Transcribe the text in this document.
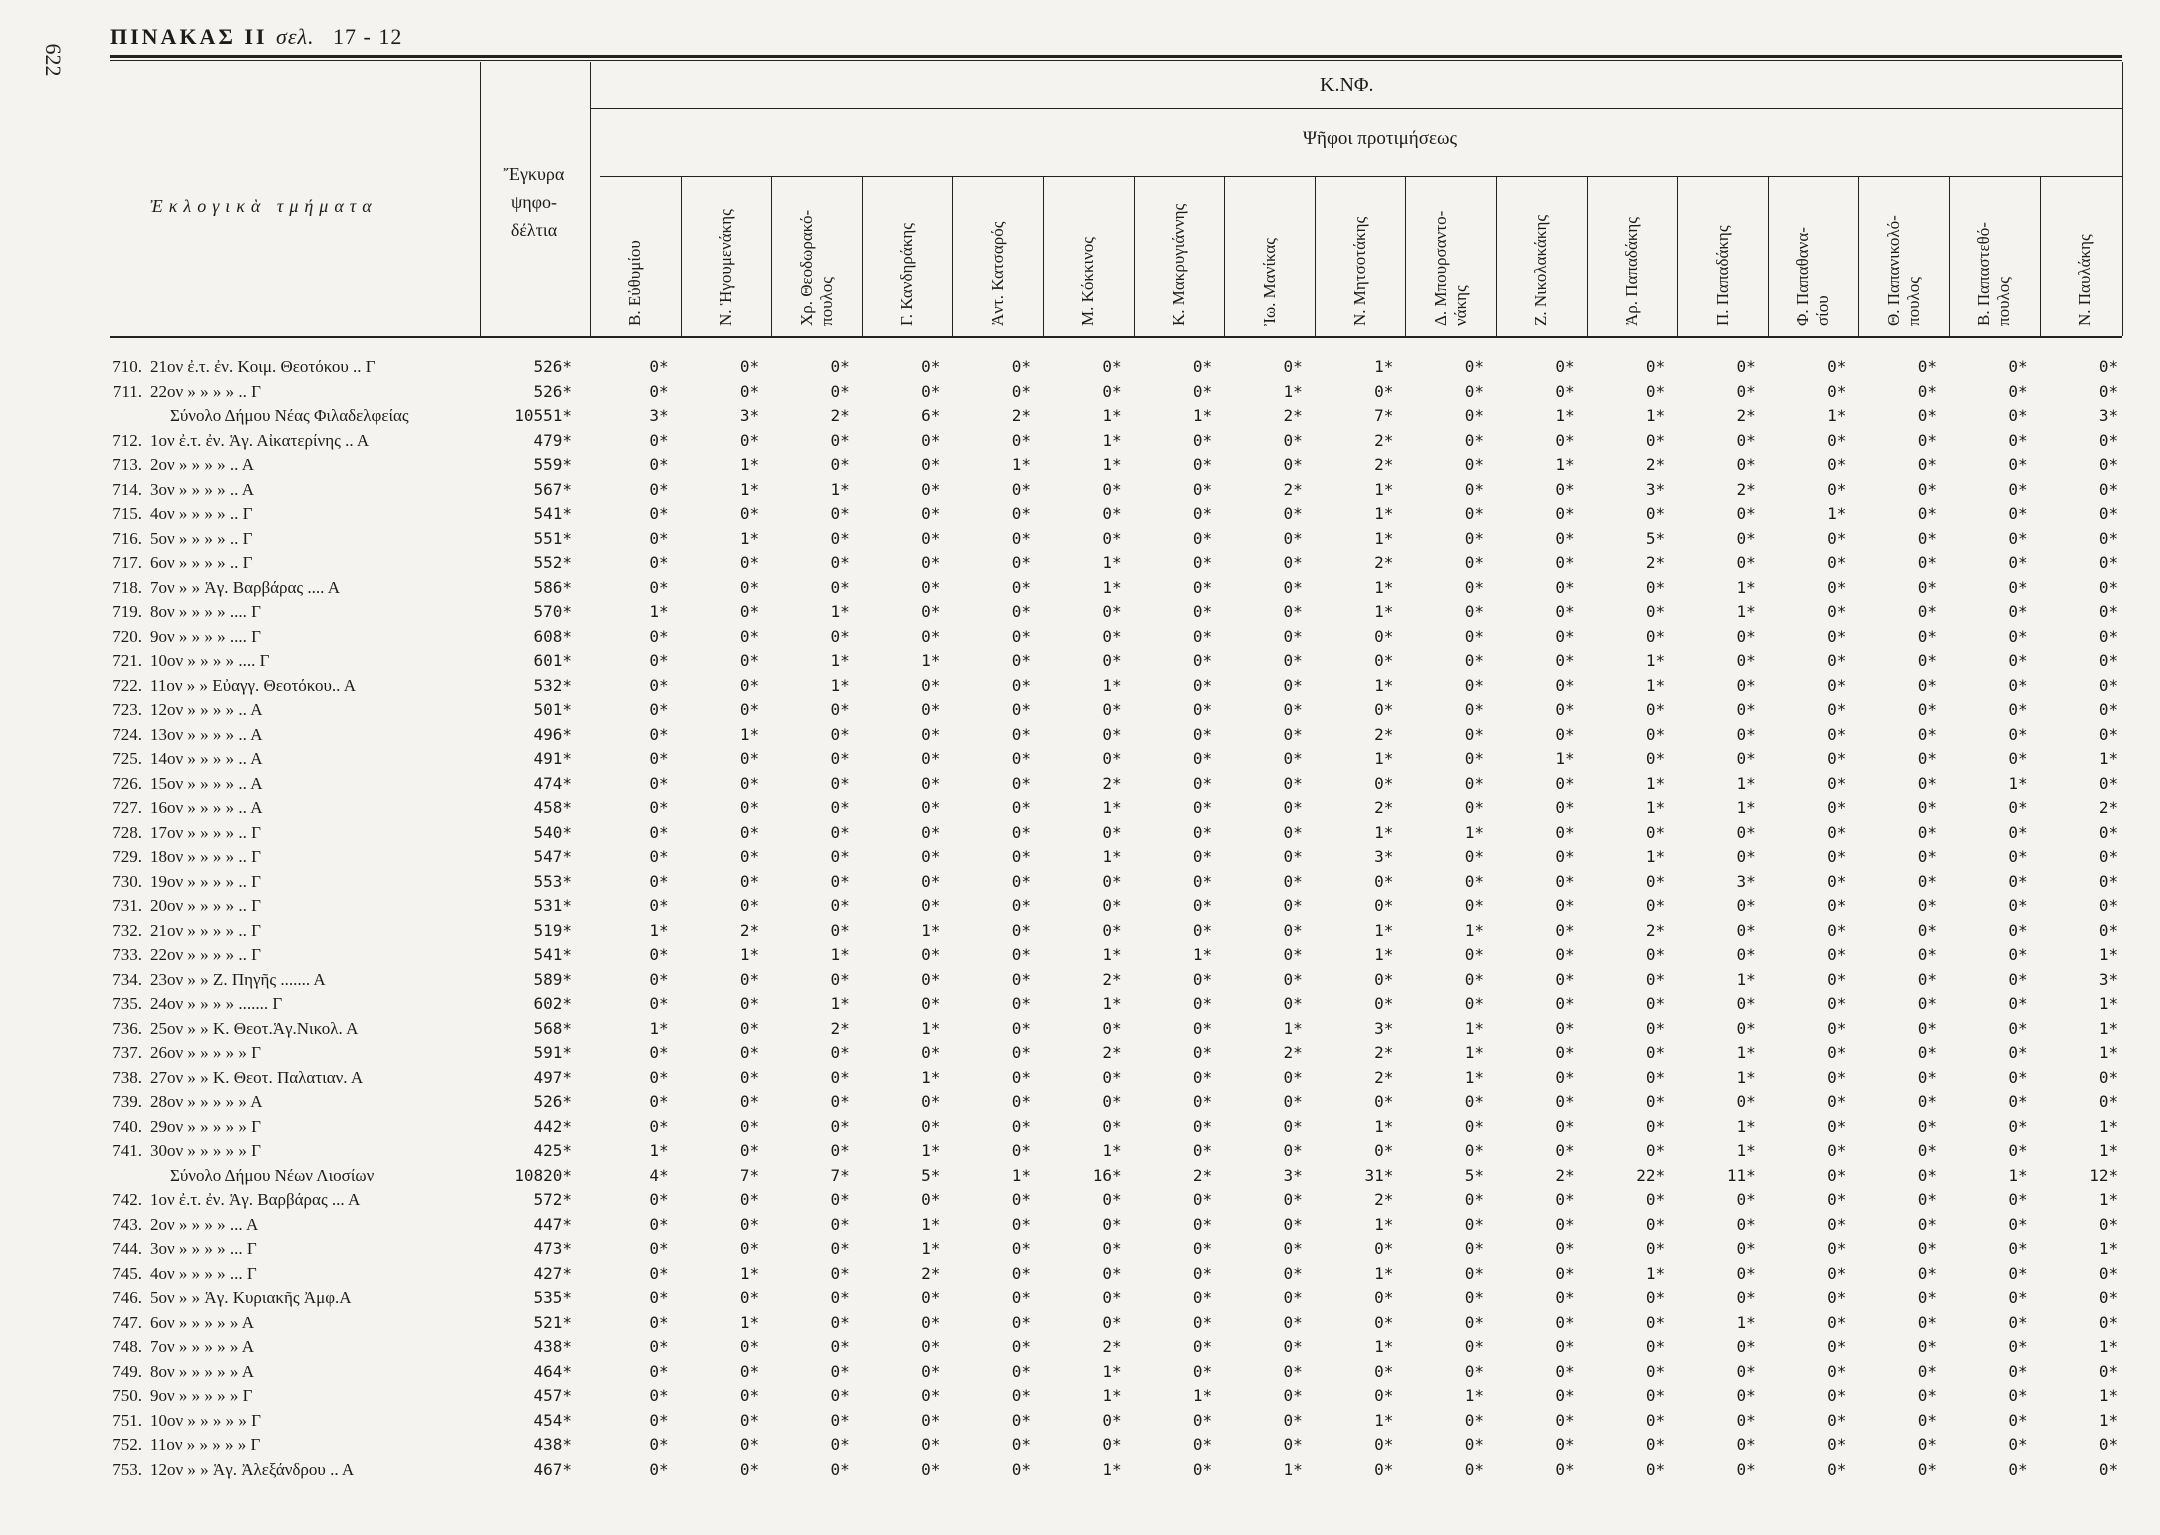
622
ΠΙΝΑΚΑΣ ΙΙ σελ. 17 - 12
Ἐκλογικὰ τμήματα
Ἔγκυρα
ψηφο-
δέλτια
Κ.ΝΦ.
Ψῆφοι προτιμήσεως
Β. Εὐθυμίου	Ν. Ἡγουμενάκης	Χρ. Θεοδωρακό- πουλος	Γ. Κανδηράκης	Ἀντ. Κατσαρός	Μ. Κόκκινος	Κ. Μακρυγιάννης	Ἰω. Μανίκας	Ν. Μητσοτάκης	Δ. Μπουρσαντο- νάκης	Ζ. Νικολακάκης	Ἀρ. Παπαδάκης	Π. Παπαδάκης	Φ. Παπαθανα- σίου	Θ. Παπανικολό- πουλος	Β. Παπαστεθό- πουλος	Ν. Παυλάκης
710. 21ον ἐ.τ. ἐν. Κοιμ. Θεοτόκου .. Γ	526*	0*	0*	0*	0*	0*	0*	0*	0*	1*	0*	0*	0*	0*	0*	0*	0*	0*
711. 22ον » » » » .. Γ	526*	0*	0*	0*	0*	0*	0*	0*	1*	0*	0*	0*	0*	0*	0*	0*	0*	0*
Σύνολο Δήμου Νέας Φιλαδελφείας	10551*	3*	3*	2*	6*	2*	1*	1*	2*	7*	0*	1*	1*	2*	1*	0*	0*	3*
712. 1ον ἐ.τ. ἐν. Ἁγ. Αἰκατερίνης .. Α	479*	0*	0*	0*	0*	0*	1*	0*	0*	2*	0*	0*	0*	0*	0*	0*	0*	0*
713. 2ον » » » » .. Α	559*	0*	1*	0*	0*	1*	1*	0*	0*	2*	0*	1*	2*	0*	0*	0*	0*	0*
714. 3ον » » » » .. Α	567*	0*	1*	1*	0*	0*	0*	0*	2*	1*	0*	0*	3*	2*	0*	0*	0*	0*
715. 4ον » » » » .. Γ	541*	0*	0*	0*	0*	0*	0*	0*	0*	1*	0*	0*	0*	0*	1*	0*	0*	0*
716. 5ον » » » » .. Γ	551*	0*	1*	0*	0*	0*	0*	0*	0*	1*	0*	0*	5*	0*	0*	0*	0*	0*
717. 6ον » » » » .. Γ	552*	0*	0*	0*	0*	0*	1*	0*	0*	2*	0*	0*	2*	0*	0*	0*	0*	0*
718. 7ον » » Ἁγ. Βαρβάρας .... Α	586*	0*	0*	0*	0*	0*	1*	0*	0*	1*	0*	0*	0*	1*	0*	0*	0*	0*
719. 8ον » » » » .... Γ	570*	1*	0*	1*	0*	0*	0*	0*	0*	1*	0*	0*	0*	1*	0*	0*	0*	0*
720. 9ον » » » » .... Γ	608*	0*	0*	0*	0*	0*	0*	0*	0*	0*	0*	0*	0*	0*	0*	0*	0*	0*
721. 10ον » » » » .... Γ	601*	0*	0*	1*	1*	0*	0*	0*	0*	0*	0*	0*	1*	0*	0*	0*	0*	0*
722. 11ον » » Εὐαγγ. Θεοτόκου.. Α	532*	0*	0*	1*	0*	0*	1*	0*	0*	1*	0*	0*	1*	0*	0*	0*	0*	0*
723. 12ον » » » » .. Α	501*	0*	0*	0*	0*	0*	0*	0*	0*	0*	0*	0*	0*	0*	0*	0*	0*	0*
724. 13ον » » » » .. Α	496*	0*	1*	0*	0*	0*	0*	0*	0*	2*	0*	0*	0*	0*	0*	0*	0*	0*
725. 14ον » » » » .. Α	491*	0*	0*	0*	0*	0*	0*	0*	0*	1*	0*	1*	0*	0*	0*	0*	0*	1*
726. 15ον » » » » .. Α	474*	0*	0*	0*	0*	0*	2*	0*	0*	0*	0*	0*	1*	1*	0*	0*	1*	0*
727. 16ον » » » » .. Α	458*	0*	0*	0*	0*	0*	1*	0*	0*	2*	0*	0*	1*	1*	0*	0*	0*	2*
728. 17ον » » » » .. Γ	540*	0*	0*	0*	0*	0*	0*	0*	0*	1*	1*	0*	0*	0*	0*	0*	0*	0*
729. 18ον » » » » .. Γ	547*	0*	0*	0*	0*	0*	1*	0*	0*	3*	0*	0*	1*	0*	0*	0*	0*	0*
730. 19ον » » » » .. Γ	553*	0*	0*	0*	0*	0*	0*	0*	0*	0*	0*	0*	0*	3*	0*	0*	0*	0*
731. 20ον » » » » .. Γ	531*	0*	0*	0*	0*	0*	0*	0*	0*	0*	0*	0*	0*	0*	0*	0*	0*	0*
732. 21ον » » » » .. Γ	519*	1*	2*	0*	1*	0*	0*	0*	0*	1*	1*	0*	2*	0*	0*	0*	0*	0*
733. 22ον » » » » .. Γ	541*	0*	1*	1*	0*	0*	1*	1*	0*	1*	0*	0*	0*	0*	0*	0*	0*	1*
734. 23ον » » Ζ. Πηγῆς ....... Α	589*	0*	0*	0*	0*	0*	2*	0*	0*	0*	0*	0*	0*	1*	0*	0*	0*	3*
735. 24ον » » » » ....... Γ	602*	0*	0*	1*	0*	0*	1*	0*	0*	0*	0*	0*	0*	0*	0*	0*	0*	1*
736. 25ον » » Κ. Θεοτ.Ἁγ.Νικολ. Α	568*	1*	0*	2*	1*	0*	0*	0*	1*	3*	1*	0*	0*	0*	0*	0*	0*	1*
737. 26ον » » » » » Γ	591*	0*	0*	0*	0*	0*	2*	0*	2*	2*	1*	0*	0*	1*	0*	0*	0*	1*
738. 27ον » » Κ. Θεοτ. Παλατιαν. Α	497*	0*	0*	0*	1*	0*	0*	0*	0*	2*	1*	0*	0*	1*	0*	0*	0*	0*
739. 28ον » » » » » Α	526*	0*	0*	0*	0*	0*	0*	0*	0*	0*	0*	0*	0*	0*	0*	0*	0*	0*
740. 29ον » » » » » Γ	442*	0*	0*	0*	0*	0*	0*	0*	0*	1*	0*	0*	0*	1*	0*	0*	0*	1*
741. 30ον » » » » » Γ	425*	1*	0*	0*	1*	0*	1*	0*	0*	0*	0*	0*	0*	1*	0*	0*	0*	1*
Σύνολο Δήμου Νέων Λιοσίων	10820*	4*	7*	7*	5*	1*	16*	2*	3*	31*	5*	2*	22*	11*	0*	0*	1*	12*
742. 1ον ἐ.τ. ἐν. Ἁγ. Βαρβάρας ... Α	572*	0*	0*	0*	0*	0*	0*	0*	0*	2*	0*	0*	0*	0*	0*	0*	0*	1*
743. 2ον » » » » ... Α	447*	0*	0*	0*	1*	0*	0*	0*	0*	1*	0*	0*	0*	0*	0*	0*	0*	0*
744. 3ον » » » » ... Γ	473*	0*	0*	0*	1*	0*	0*	0*	0*	0*	0*	0*	0*	0*	0*	0*	0*	1*
745. 4ον » » » » ... Γ	427*	0*	1*	0*	2*	0*	0*	0*	0*	1*	0*	0*	1*	0*	0*	0*	0*	0*
746. 5ον » » Ἁγ. Κυριακῆς Ἀμφ.Α	535*	0*	0*	0*	0*	0*	0*	0*	0*	0*	0*	0*	0*	0*	0*	0*	0*	0*
747. 6ον » » » » » Α	521*	0*	1*	0*	0*	0*	0*	0*	0*	0*	0*	0*	0*	1*	0*	0*	0*	0*
748. 7ον » » » » » Α	438*	0*	0*	0*	0*	0*	2*	0*	0*	1*	0*	0*	0*	0*	0*	0*	0*	1*
749. 8ον » » » » » Α	464*	0*	0*	0*	0*	0*	1*	0*	0*	0*	0*	0*	0*	0*	0*	0*	0*	0*
750. 9ον » » » » » Γ	457*	0*	0*	0*	0*	0*	1*	1*	0*	0*	1*	0*	0*	0*	0*	0*	0*	1*
751. 10ον » » » » » Γ	454*	0*	0*	0*	0*	0*	0*	0*	0*	1*	0*	0*	0*	0*	0*	0*	0*	1*
752. 11ον » » » » » Γ	438*	0*	0*	0*	0*	0*	0*	0*	0*	0*	0*	0*	0*	0*	0*	0*	0*	0*
753. 12ον » » Ἁγ. Ἀλεξάνδρου .. Α	467*	0*	0*	0*	0*	0*	1*	0*	1*	0*	0*	0*	0*	0*	0*	0*	0*	0*
